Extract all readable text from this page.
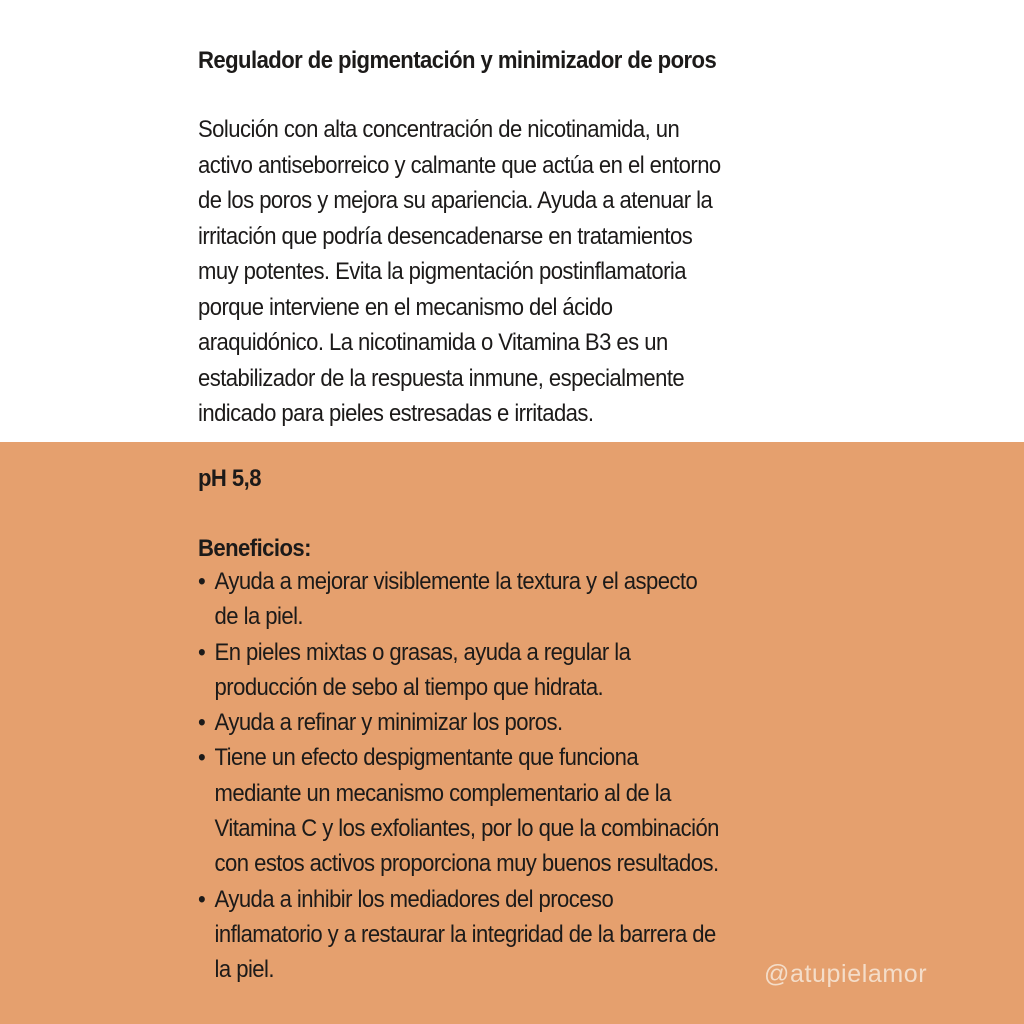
Regulador de pigmentación y minimizador de poros
Solución con alta concentración de nicotinamida, un
activo antiseborreico y calmante que actúa en el entorno
de los poros y mejora su apariencia. Ayuda a atenuar la
irritación que podría desencadenarse en tratamientos
muy potentes. Evita la pigmentación postinflamatoria
porque interviene en el mecanismo del ácido
araquidónico. La nicotinamida o Vitamina B3 es un
estabilizador de la respuesta inmune, especialmente
indicado para pieles estresadas e irritadas.
pH 5,8
Beneficios:
• Ayuda a mejorar visiblemente la textura y el aspecto
de la piel.
• En pieles mixtas o grasas, ayuda a regular la
producción de sebo al tiempo que hidrata.
• Ayuda a refinar y minimizar los poros.
• Tiene un efecto despigmentante que funciona
mediante un mecanismo complementario al de la
Vitamina C y los exfoliantes, por lo que la combinación
con estos activos proporciona muy buenos resultados.
• Ayuda a inhibir los mediadores del proceso
inflamatorio y a restaurar la integridad de la barrera de
la piel.	@atupielamor
